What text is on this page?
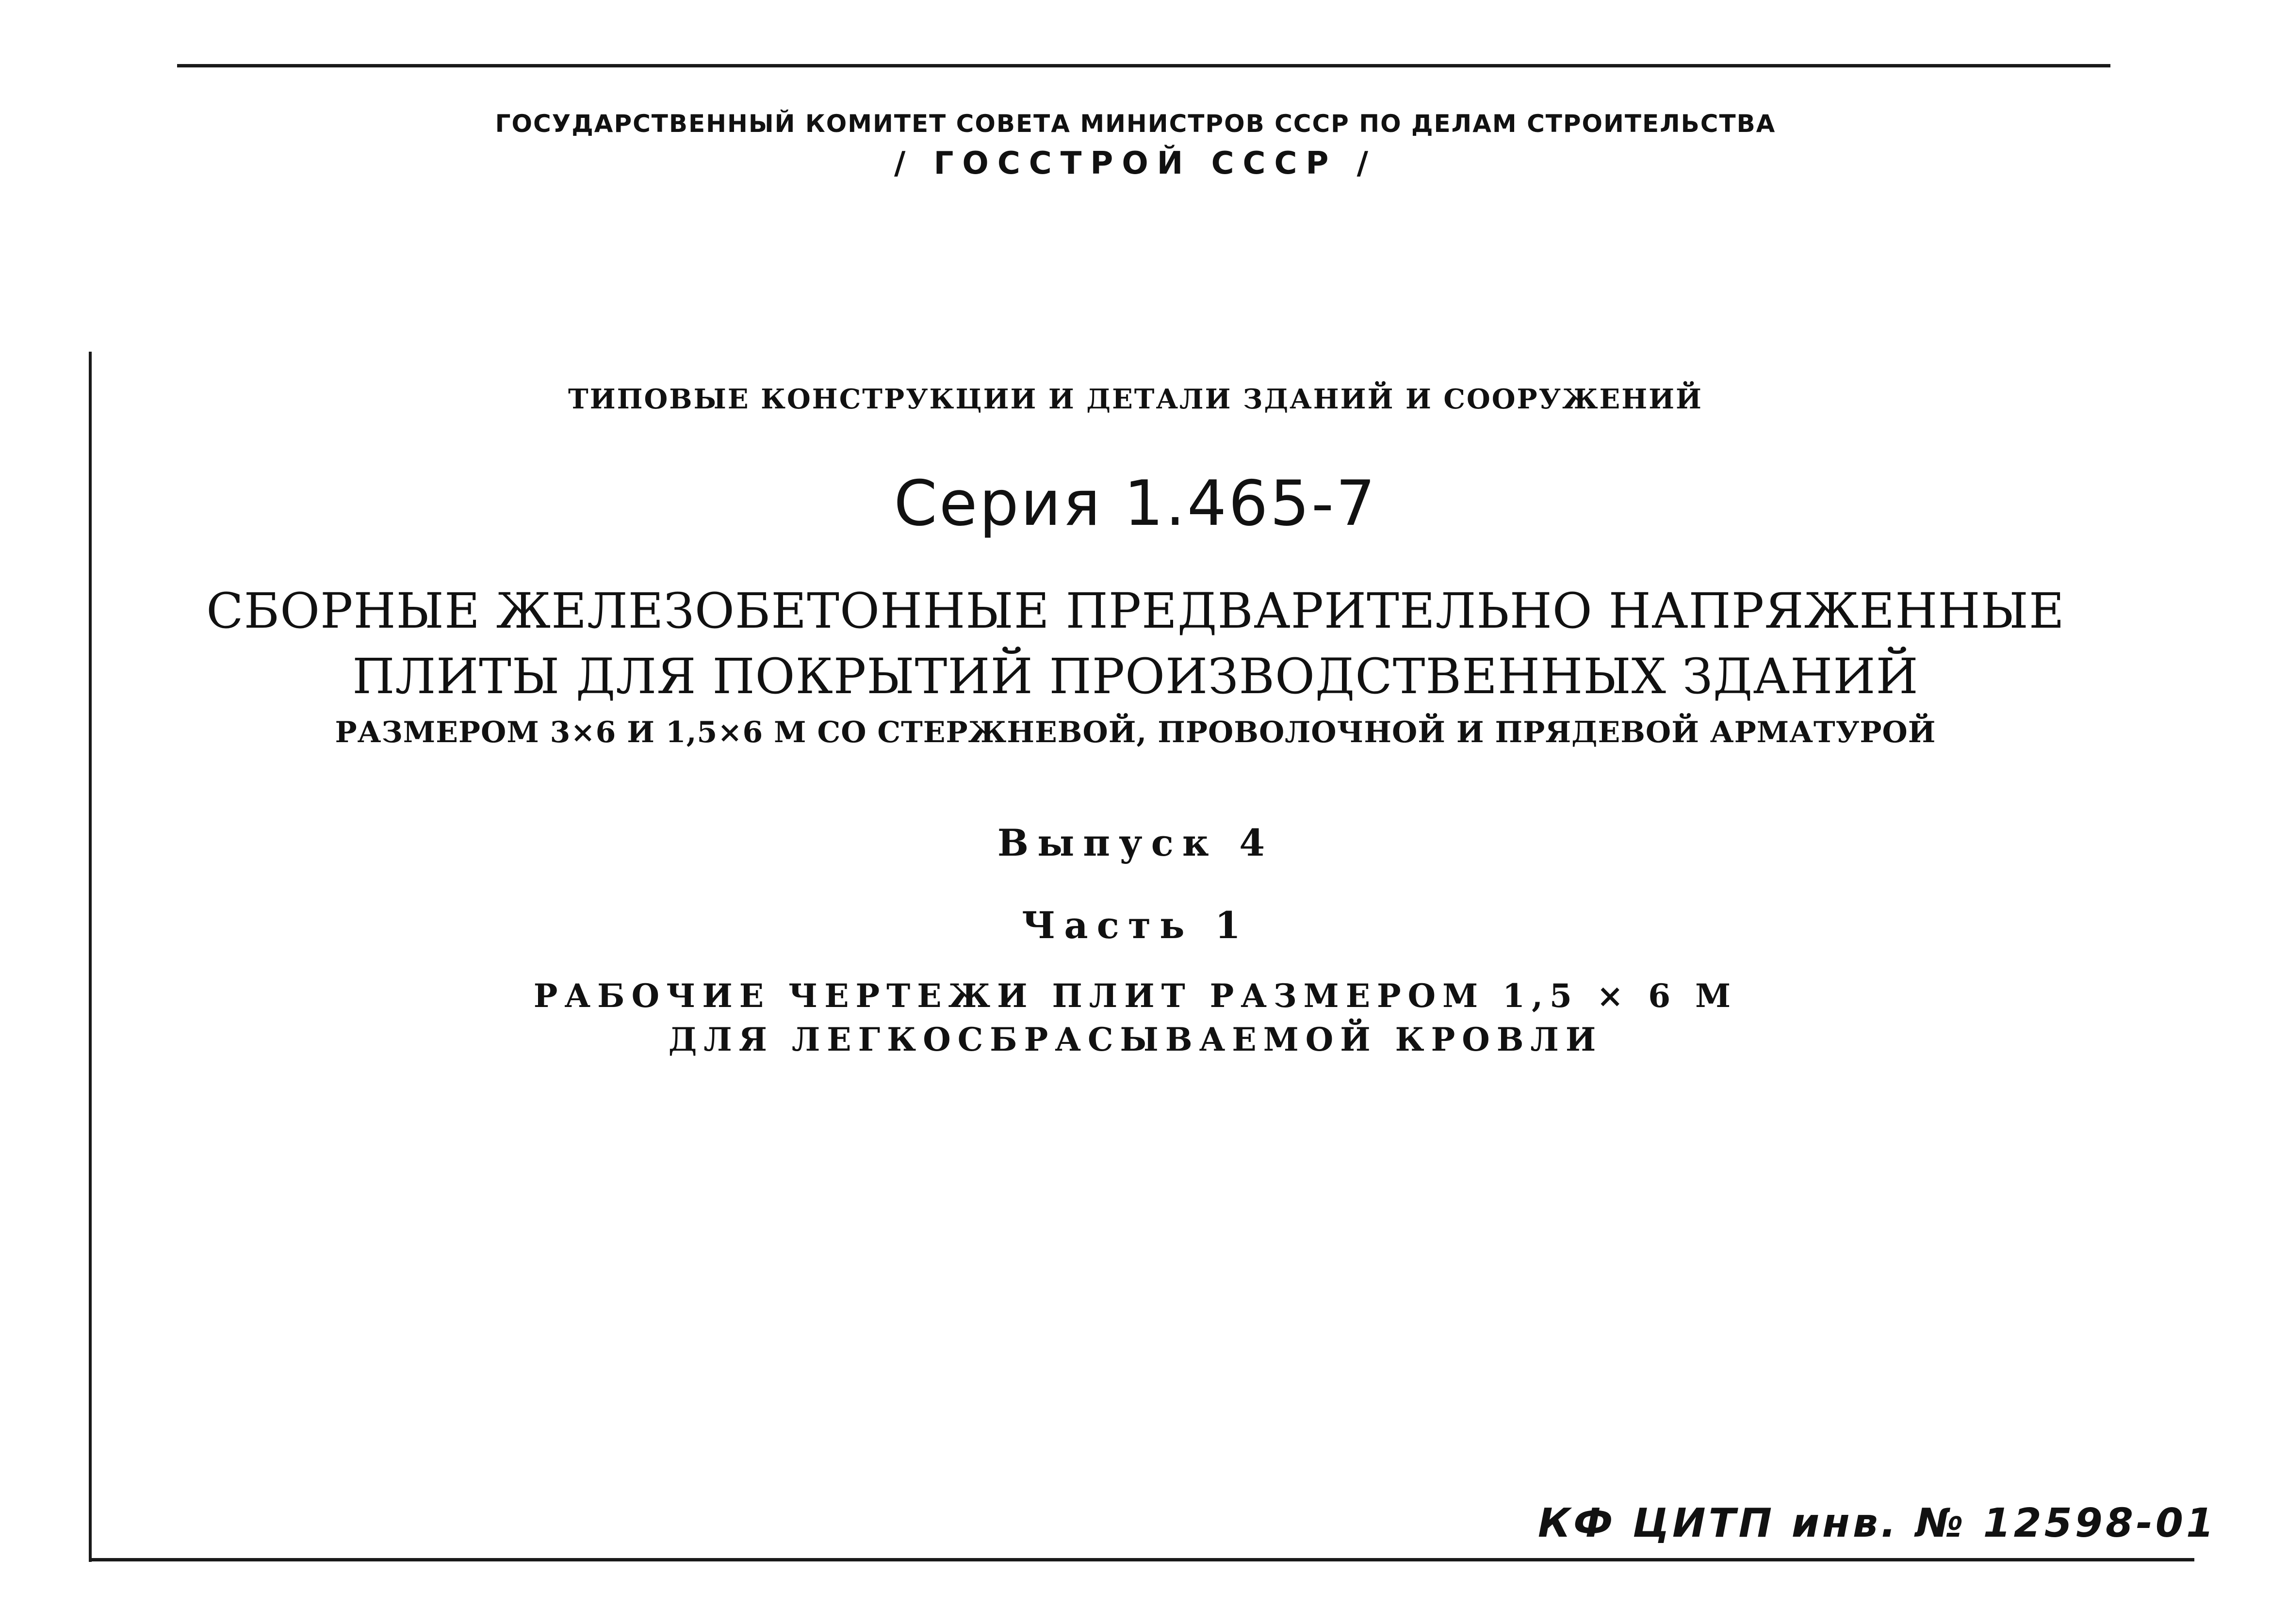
ГОСУДАРСТВЕННЫЙ КОМИТЕТ СОВЕТА МИНИСТРОВ СССР ПО ДЕЛАМ СТРОИТЕЛЬСТВА
/ ГОССТРОЙ СССР /
ТИПОВЫЕ КОНСТРУКЦИИ И ДЕТАЛИ ЗДАНИЙ И СООРУЖЕНИЙ
Серия 1.465-7
СБОРНЫЕ ЖЕЛЕЗОБЕТОННЫЕ ПРЕДВАРИТЕЛЬНО НАПРЯЖЕННЫЕ
ПЛИТЫ ДЛЯ ПОКРЫТИЙ ПРОИЗВОДСТВЕННЫХ ЗДАНИЙ
РАЗМЕРОМ 3×6 И 1,5×6 М СО СТЕРЖНЕВОЙ, ПРОВОЛОЧНОЙ И ПРЯДЕВОЙ АРМАТУРОЙ
Выпуск 4
Часть 1
РАБОЧИЕ ЧЕРТЕЖИ ПЛИТ РАЗМЕРОМ 1,5 × 6 М
ДЛЯ ЛЕГКОСБРАСЫВАЕМОЙ КРОВЛИ
КФ ЦИТП инв. № 12598-01
